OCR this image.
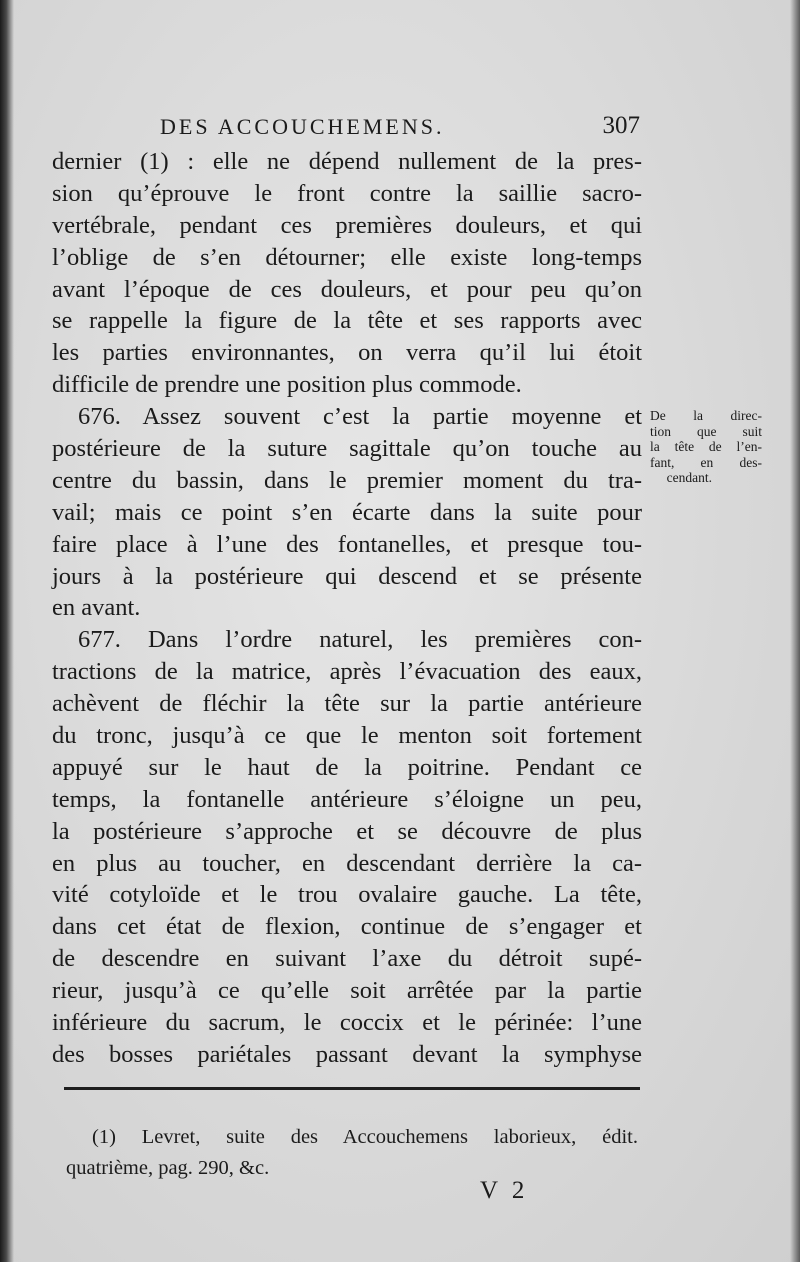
DES ACCOUCHEMENS.	307
dernier (1) : elle ne dépend nullement de la pres-
sion qu’éprouve le front contre la saillie sacro-
vertébrale, pendant ces premières douleurs, et qui
l’oblige de s’en détourner; elle existe long-temps
avant l’époque de ces douleurs, et pour peu qu’on
se rappelle la figure de la tête et ses rapports avec
les parties environnantes, on verra qu’il lui étoit
difficile de prendre une position plus commode.
676. Assez souvent c’est la partie moyenne et
postérieure de la suture sagittale qu’on touche au
centre du bassin, dans le premier moment du tra-
vail; mais ce point s’en écarte dans la suite pour
faire place à l’une des fontanelles, et presque tou-
jours à la postérieure qui descend et se présente
en avant.
677. Dans l’ordre naturel, les premières con-
tractions de la matrice, après l’évacuation des eaux,
achèvent de fléchir la tête sur la partie antérieure
du tronc, jusqu’à ce que le menton soit fortement
appuyé sur le haut de la poitrine. Pendant ce
temps, la fontanelle antérieure s’éloigne un peu,
la postérieure s’approche et se découvre de plus
en plus au toucher, en descendant derrière la ca-
vité cotyloïde et le trou ovalaire gauche. La tête,
dans cet état de flexion, continue de s’engager et
de descendre en suivant l’axe du détroit supé-
rieur, jusqu’à ce qu’elle soit arrêtée par la partie
inférieure du sacrum, le coccix et le périnée: l’une
des bosses pariétales passant devant la symphyse
De la direc-
tion que suit
la tête de l’en-
fant, en des-
cendant.
(1) Levret, suite des Accouchemens laborieux, édit.
quatrième, pag. 290, &c.
V 2
